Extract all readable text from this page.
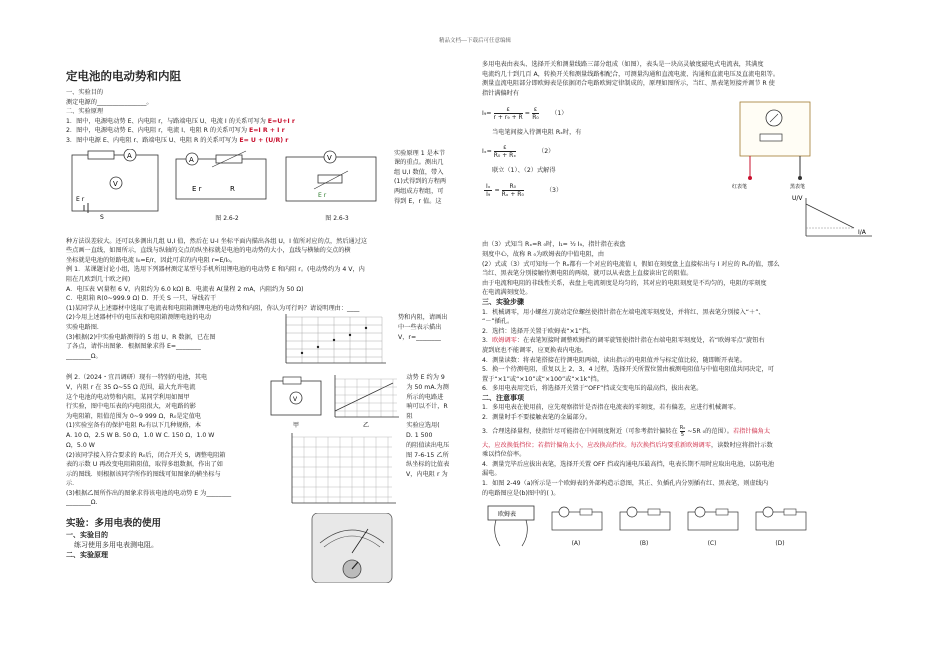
精品文档---下载后可任意编辑

定电池的电动势和内阻

一、实验目的

测定电源的________________。

二、实验原理

1．图中，电源电动势 E、内电阻 r，与路端电压 U、电流 I 的关系可写为 E=U+I r

2．图中，电源电动势 E、内电阻 r，电流 I、电阻 R 的关系可写为 E=I R + I r

3．图中电源 E、内电阻 r、路端电压 U、电阻 R 的关系可写为 E= U + (U/R) r

A
V
E r
S
A
E r	R
图 2.6-2
V
E r
图 2.6-3

实验原理 1 是本节

课的重点。测出几

组 U,I 数值，带入

(1)式得到的方程两

两组成方程组，可

得到 E，r 值。这

种方法误差较大。还可以多测出几组 U,I 值，然后在 U-I 坐标平面内描出各组 U，I 值所对应的点，然后通过这

些点画一直线，如图所示，直线与纵轴的交点的纵坐标就是电池的电动势的大小，直线与横轴的交点的横

坐标就是电池的短路电流 I₀=E/r，因此可求的内电阻 r=E/I₀。

例 1．某课题讨论小组，选用下列器材测定某型号手机所用锂电池的电动势 E 和内阻 r。(电动势约为 4 V，内

阻在几欧到几十欧之间)

A．电压表 V(量程 6 V，内阻约为 6.0 kΩ) B．电流表 A(量程 2 mA，内阻约为 50 Ω)

C．电阻箱 R(0~999.9 Ω) D．开关 S 一只、导线若干

(1)某同学从上述器材中选取了电流表和电阻箱测锂电池的电动势和内阻，你认为可行吗？请说明理由：____

(2)今用上述器材中的电压表和电阻箱测锂电池的电动

实验电路图.

(3)根据(2)中实验电路测得的 5 组 U、R 数据，已在图

了各点，请作出图象．根据图象求得 E=________

________Ω。

势和内阻，请画出

中一些表示描出

V，r=________

例 2.（2024・宜昌调研）现有一特别的电池，其电

V，内阻 r 在 35 Ω~55 Ω 范围，最大允许电流

这个电池的电动势和内阻，某同学利用如图甲

行实验，图中电压表的内电阻很大，对电路的影

为电阻箱，阻值范围为 0~9 999 Ω，R₀是定值电

(1)实验室备有的保护电阻 R₀有以下几种规格，本

V
甲	乙

动势 E 约为 9

为 50 mA.为测

所示的电路进

响可以不计，R

阻

实验应选用(

A. 10 Ω，2.5 W B. 50 Ω，1.0 W C. 150 Ω，1.0 W

Ω，5.0 W

(2)该同学接入符合要求的 R₀后，闭合开关 S，调整电阻箱

表的示数 U 再改变电阻箱阻值，取得多组数据，作出了如

示的图线．则根据该同学所作的图线可知图象的横坐标与

示．

(3)根据乙图所作出的图象求得该电池的电动势 E 为________

________Ω.

D. 1 500

的阻值读出电压

图 7-6-15 乙所

纵坐标的比值表

V，内电阻 r 为

实验：多用电表的使用

一、实验目的

练习使用多用电表测电阻。

二、实验原理

多用电表由表头、选择开关和测量线路三部分组成（如图），表头是一块高灵敏度磁电式电流表，其满度

电流约几十到几百 A，转换开关和测量线路相配合，可测量沟通和直流电流、沟通和直流电压及直流电阻等。

测量直流电阻部分即欧姆表是依据闭合电路欧姆定律制成的，原理如图所示，当红、黑表笔短接并调节 R 使

指针满偏时有

$I_9= \frac{\varepsilon}{\text{r + r₉ + R}} = \frac{\varepsilon}{\text{R₀}} (1)$

当电笔间接入待测电阻 Rₓ时，有

$I_x= \frac{\varepsilon}{\text{R₀ + Rₓ}}$	（2）

联立（1）、（2）式解得

$\frac{\text{Iₓ}}{\text{I₉}} = \frac{\text{R₀}}{\text{Rₓ + R₀}}$	（3）	红表笔	黑表笔
U/V
I/A

由（3）式知当 Rₓ=R ₀时，I₁= ½ I₉，指针指在表盘

刻度中心，故称 R ₀为欧姆表的中值电阻，由

(2）式或（3）式可知每一个 Rₓ都有一个对应的电流值 I，假如在刻度盘上直接标出与 I 对应的 Rₓ的值，那么

当红、黑表笔分别接触待测电阻的两端，就可以从表盘上直接读出它的阻值。

由于电流和电阻的非线性关系，表盘上电流刻度是均匀的，其对应的电阻刻度是不均匀的，电阻的零刻度

在电流满刻度处。

三、实验步骤

1．机械调零，用小螺丝刀旋动定位螺丝使指针指在左端电流零刻度处，并将红、黑表笔分别接入“＋”、

“－”插孔。

2．选挡：选择开关置于欧姆表“×1”挡。

3．欧姆调零：在表笔短接时调整欧姆挡的调零旋钮使指针指在右端电阻零刻度处，若“欧姆零点”旋钮右

旋到底也不能调零，应更换表内电池。

4．测量读数：将表笔搭接在待测电阻两端，读出指示的电阻值并与标定值比较，随即断开表笔。

5．换一个待测电阻，重复以上 2、3、4 过程，选择开关所置位置由被测电阻值与中值电阻值共同决定，可

置于“×1”或“×10”或“×100”或“×1k”挡。

6．多用电表用完后，将选择开关置于“OFF”挡或交变电压的最高挡，拔出表笔。

二、注意事项

1．多用电表在使用前，应先观察指针是否指在电流表的零刻度，若有偏差，应进行机械调零。

2．测量时手不要接触表笔的金属部分。

3．合理选择量程，使指针尽可能指在中间刻度附近（可参考指针偏转在 R₀
5
~5R ₀的范围）。 若指针偏角太

大，应改换低挡位；若指针偏角太小，应改换高挡位。每次换挡后均要重新欧姆调零，读数时应将指针示数

乘以挡位倍率。

4．测量完毕后应拔出表笔，选择开关置 OFF 挡或沟通电压最高挡，电表长期不用时应取出电池，以防电池

漏电。

1．如图 2-49（a)所示是一个欧姆表的外部构造示意图，其正、负插孔内分别插有红、黑表笔，则虚线内

的电路图应是(b)图中的( )。

欧姆表
(A)	(B)	(C)	(D)
